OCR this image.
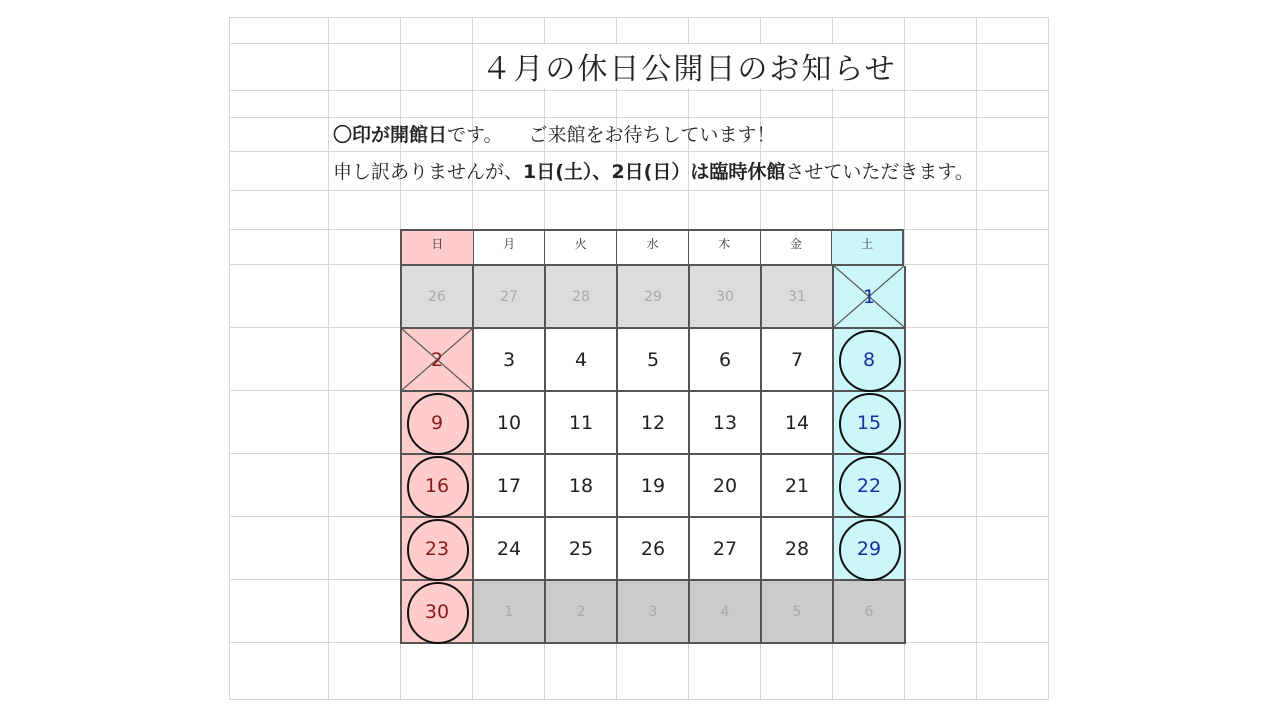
４月の休日公開日のお知らせ
〇印が開館日です。 ご来館をお待ちしています！
申し訳ありませんが、1日(土）、2日(日）は臨時休館させていただきます。
日	月	火	水	木	金	土
26	27	28	29	30	31	1
2	3	4	5	6	7	8
9	10	11	12	13	14	15
16	17	18	19	20	21	22
23	24	25	26	27	28	29
30	1	2	3	4	5	6
